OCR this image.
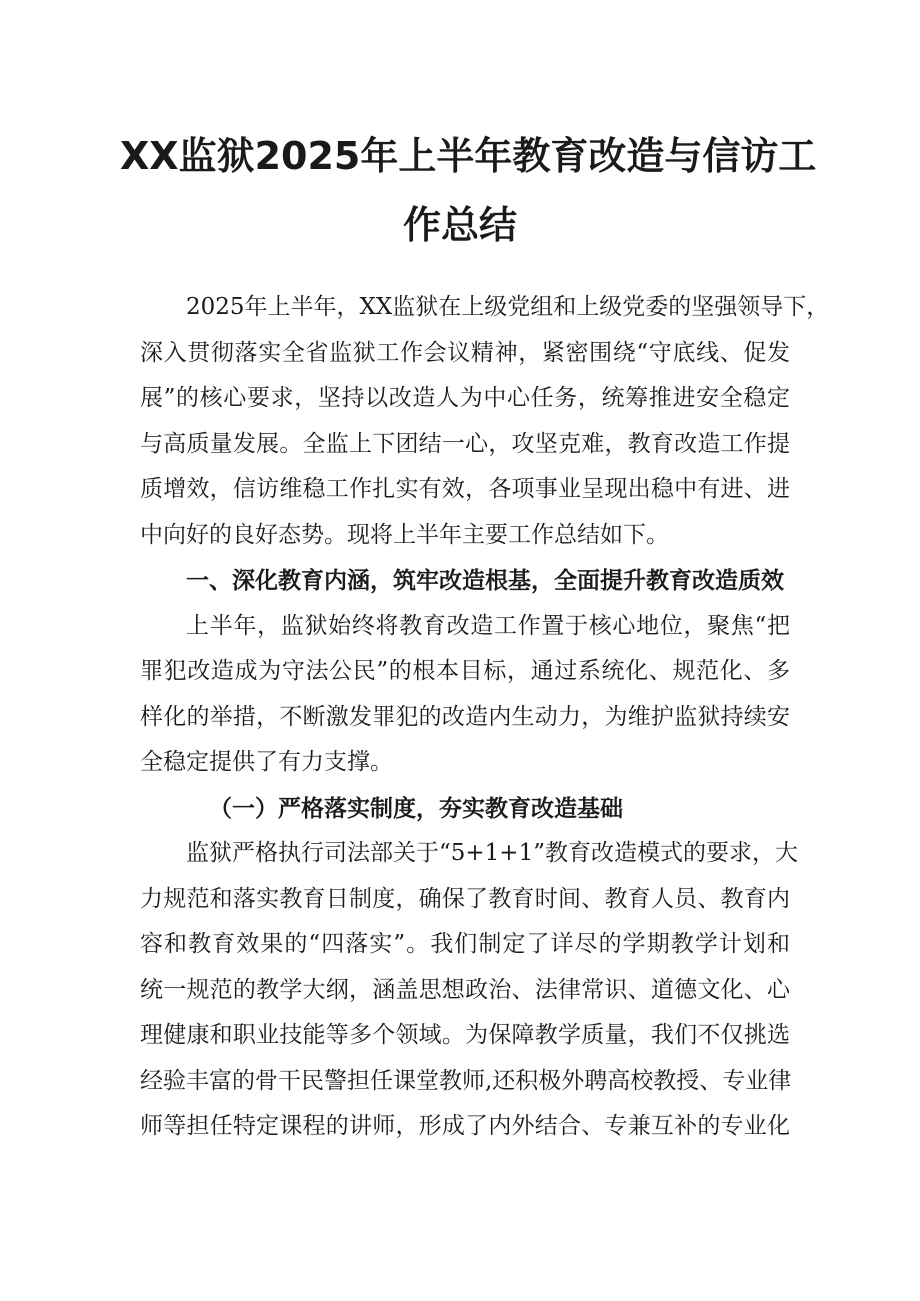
XX监狱2025年上半年教育改造与信访工
作总结
2025年上半年，XX监狱在上级党组和上级党委的坚强领导下，
深入贯彻落实全省监狱工作会议精神，紧密围绕“守底线、促发
展”的核心要求，坚持以改造人为中心任务，统筹推进安全稳定
与高质量发展。全监上下团结一心，攻坚克难，教育改造工作提
质增效，信访维稳工作扎实有效，各项事业呈现出稳中有进、进
中向好的良好态势。现将上半年主要工作总结如下。
一、深化教育内涵，筑牢改造根基，全面提升教育改造质效
上半年，监狱始终将教育改造工作置于核心地位，聚焦“把
罪犯改造成为守法公民”的根本目标，通过系统化、规范化、多
样化的举措，不断激发罪犯的改造内生动力，为维护监狱持续安
全稳定提供了有力支撑。
（一）严格落实制度，夯实教育改造基础
监狱严格执行司法部关于“5+1+1”教育改造模式的要求，大
力规范和落实教育日制度，确保了教育时间、教育人员、教育内
容和教育效果的“四落实”。我们制定了详尽的学期教学计划和
统一规范的教学大纲，涵盖思想政治、法律常识、道德文化、心
理健康和职业技能等多个领域。为保障教学质量，我们不仅挑选
经验丰富的骨干民警担任课堂教师,还积极外聘高校教授、专业律
师等担任特定课程的讲师，形成了内外结合、专兼互补的专业化
